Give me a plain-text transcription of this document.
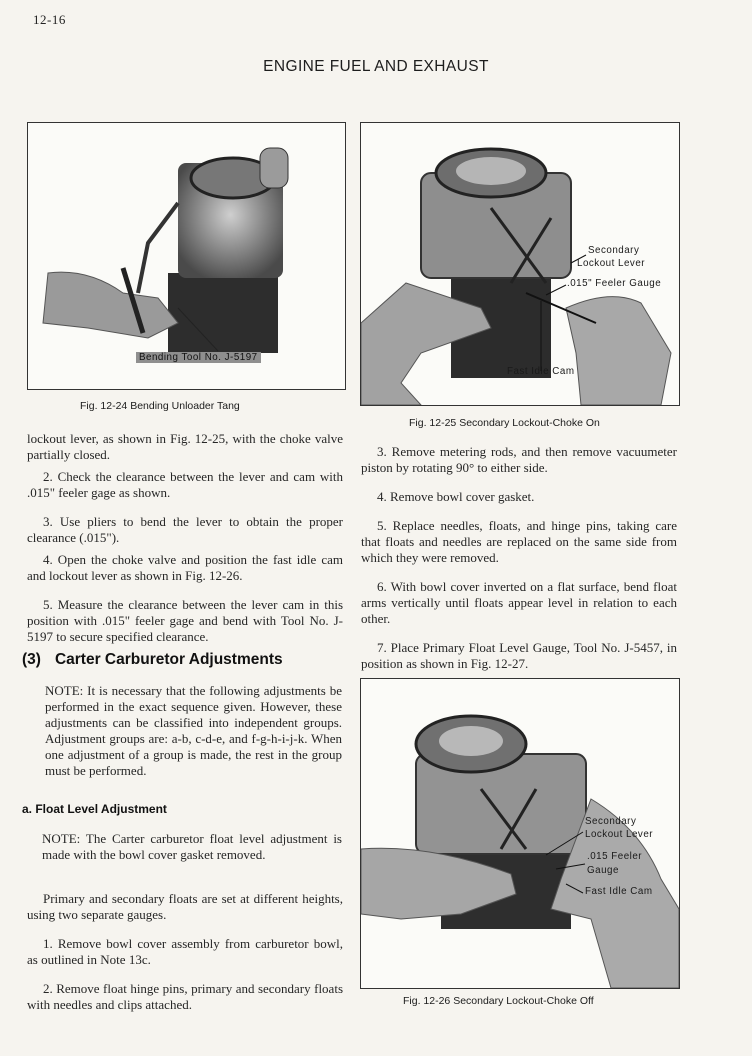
12-16
ENGINE FUEL AND EXHAUST
Bending Tool No. J-5197
Fig. 12-24 Bending Unloader Tang
Secondary
Lockout Lever
.015" Feeler Gauge
Fast Idle Cam
Fig. 12-25 Secondary Lockout-Choke On

lockout lever, as shown in Fig. 12-25, with the choke valve partially closed.

2. Check the clearance between the lever and cam with .015" feeler gage as shown.

3. Use pliers to bend the lever to obtain the proper clearance (.015").

4. Open the choke valve and position the fast idle cam and lockout lever as shown in Fig. 12-26.

5. Measure the clearance between the lever cam in this position with .015" feeler gage and bend with Tool No. J-5197 to secure specified clearance.

(3) Carter Carburetor Adjustments
NOTE: It is necessary that the following adjustments be performed in the exact sequence given. However, these adjustments can be classified into independent groups. Adjustment groups are: a-b, c-d-e, and f-g-h-i-j-k. When one adjustment of a group is made, the rest in the group must be performed.
a. Float Level Adjustment
NOTE: The Carter carburetor float level adjustment is made with the bowl cover gasket removed.

Primary and secondary floats are set at different heights, using two separate gauges.

1. Remove bowl cover assembly from carburetor bowl, as outlined in Note 13c.

2. Remove float hinge pins, primary and secondary floats with needles and clips attached.

3. Remove metering rods, and then remove vacuumeter piston by rotating 90° to either side.

4. Remove bowl cover gasket.

5. Replace needles, floats, and hinge pins, taking care that floats and needles are replaced on the same side from which they were removed.

6. With bowl cover inverted on a flat surface, bend float arms vertically until floats appear level in relation to each other.

7. Place Primary Float Level Gauge, Tool No. J-5457, in position as shown in Fig. 12-27.

Secondary
Lockout Lever
.015 Feeler
Gauge
Fast Idle Cam
Fig. 12-26 Secondary Lockout-Choke Off
